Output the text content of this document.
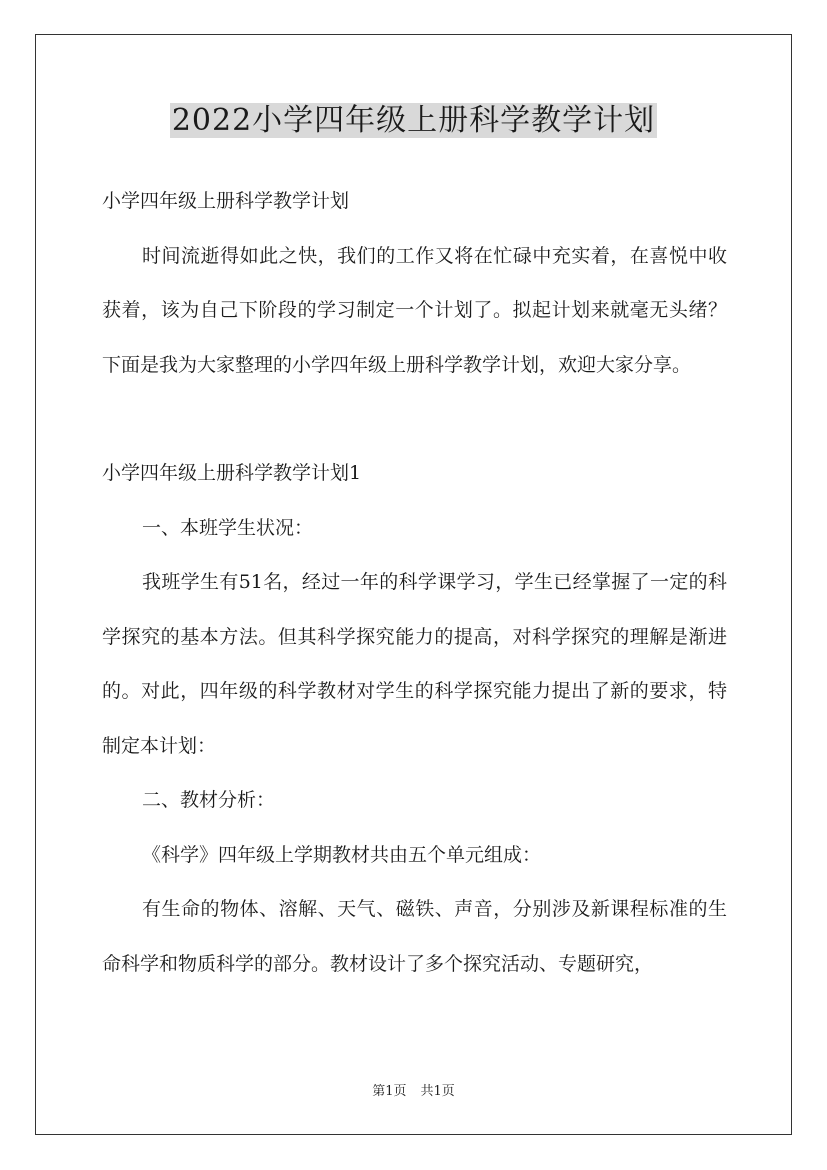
2022小学四年级上册科学教学计划

小学四年级上册科学教学计划

时间流逝得如此之快，我们的工作又将在忙碌中充实着，在喜悦中收获着，该为自己下阶段的学习制定一个计划了。拟起计划来就毫无头绪？下面是我为大家整理的小学四年级上册科学教学计划，欢迎大家分享。

小学四年级上册科学教学计划1

一、本班学生状况：

我班学生有51名，经过一年的科学课学习，学生已经掌握了一定的科学探究的基本方法。但其科学探究能力的提高，对科学探究的理解是渐进的。对此，四年级的科学教材对学生的科学探究能力提出了新的要求，特制定本计划：

二、教材分析：

《科学》四年级上学期教材共由五个单元组成：

有生命的物体、溶解、天气、磁铁、声音，分别涉及新课程标准的生命科学和物质科学的部分。教材设计了多个探究活动、专题研究，

第1页 共1页
